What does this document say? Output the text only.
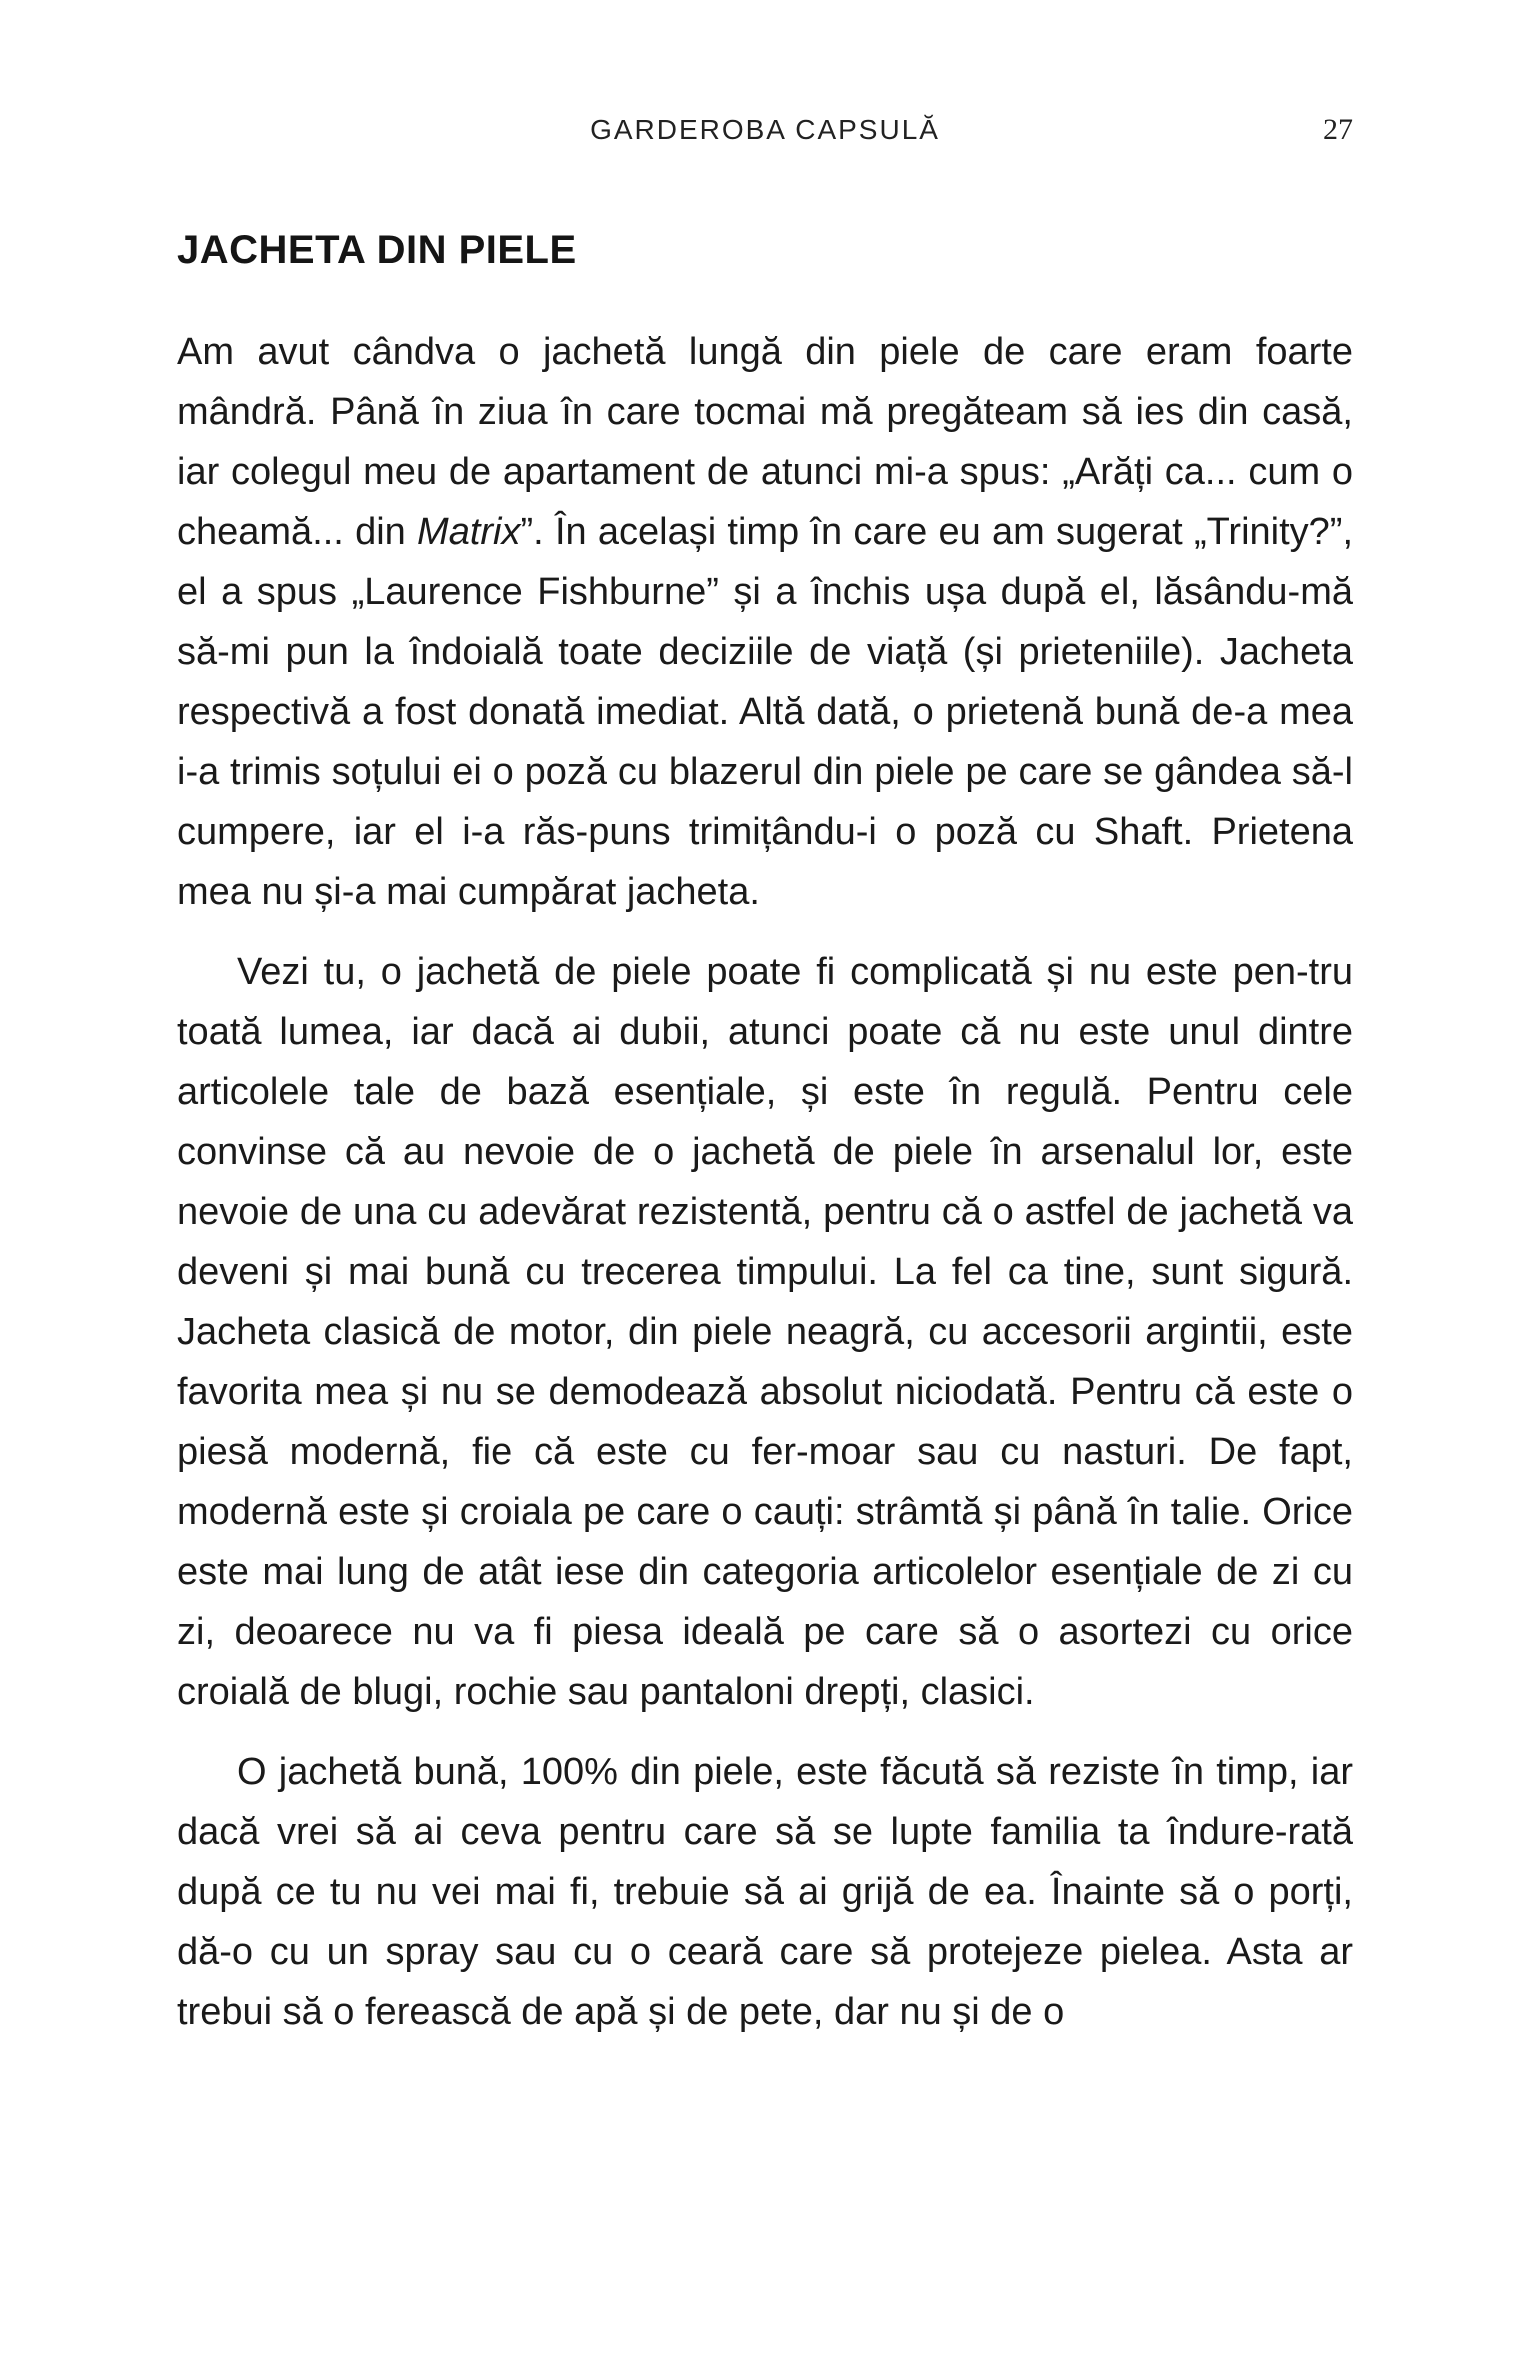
GARDEROBA CAPSULĂ	27
JACHETA DIN PIELE

Am avut cândva o jachetă lungă din piele de care eram foarte mândră. Până în ziua în care tocmai mă pregăteam să ies din casă, iar colegul meu de apartament de atunci mi-a spus: „Arăți ca... cum o cheamă... din Matrix”. În același timp în care eu am sugerat „Trinity?”, el a spus „Laurence Fishburne” și a închis ușa după el, lăsându-mă să-mi pun la îndoială toate deciziile de viață (și prieteniile). Jacheta respectivă a fost donată imediat. Altă dată, o prietenă bună de-a mea i-a trimis soțului ei o poză cu blazerul din piele pe care se gândea să-l cumpere, iar el i-a răs-puns trimițându-i o poză cu Shaft. Prietena mea nu și-a mai cumpărat jacheta.

Vezi tu, o jachetă de piele poate fi complicată și nu este pen-tru toată lumea, iar dacă ai dubii, atunci poate că nu este unul dintre articolele tale de bază esențiale, și este în regulă. Pentru cele convinse că au nevoie de o jachetă de piele în arsenalul lor, este nevoie de una cu adevărat rezistentă, pentru că o astfel de jachetă va deveni și mai bună cu trecerea timpului. La fel ca tine, sunt sigură. Jacheta clasică de motor, din piele neagră, cu accesorii argintii, este favorita mea și nu se demodează absolut niciodată. Pentru că este o piesă modernă, fie că este cu fer-moar sau cu nasturi. De fapt, modernă este și croiala pe care o cauți: strâmtă și până în talie. Orice este mai lung de atât iese din categoria articolelor esențiale de zi cu zi, deoarece nu va fi piesa ideală pe care să o asortezi cu orice croială de blugi, rochie sau pantaloni drepți, clasici.

O jachetă bună, 100% din piele, este făcută să reziste în timp, iar dacă vrei să ai ceva pentru care să se lupte familia ta îndure-rată după ce tu nu vei mai fi, trebuie să ai grijă de ea. Înainte să o porți, dă-o cu un spray sau cu o ceară care să protejeze pielea. Asta ar trebui să o ferească de apă și de pete, dar nu și de o
